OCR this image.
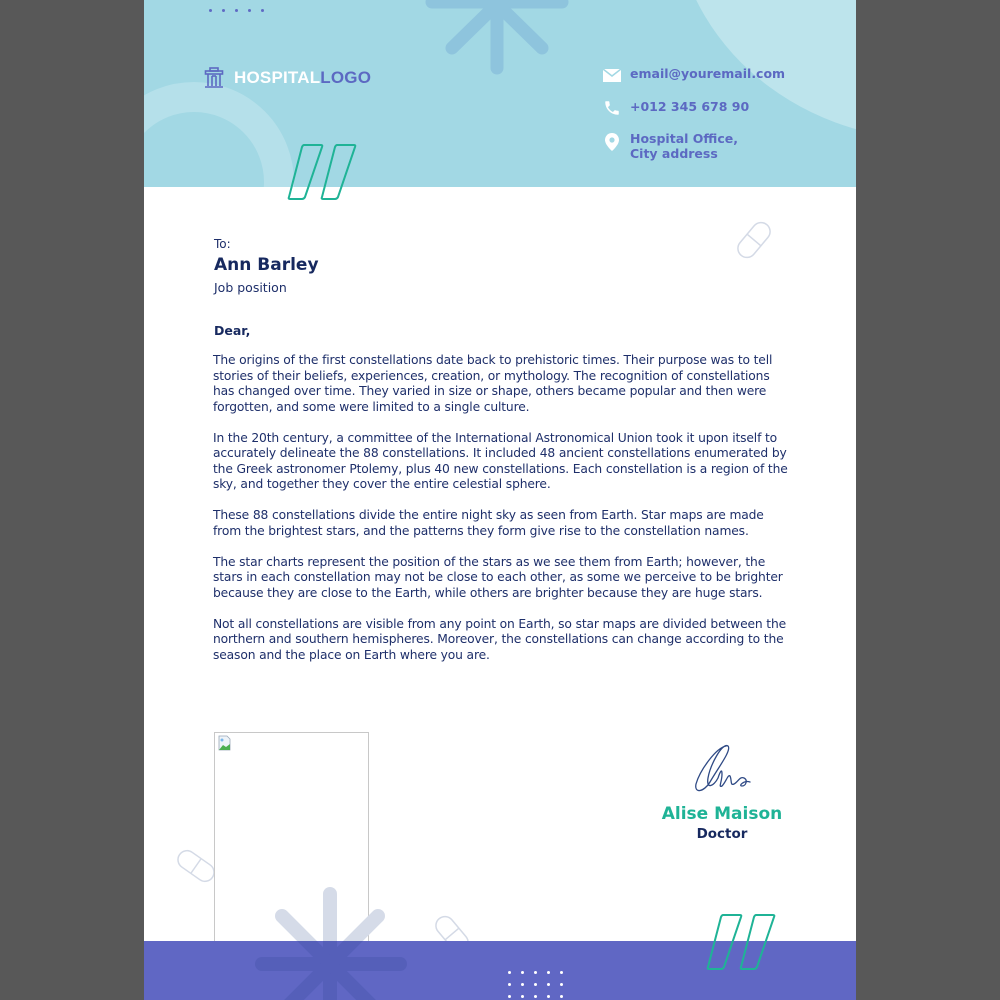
HOSPITALLOGO	email@youremail.com
+012 345 678 90
Hospital Office,
City address
To:
Ann Barley
Job position
Dear,

The origins of the first constellations date back to prehistoric times. Their purpose was to tell stories of their beliefs, experiences, creation, or mythology. The recognition of constellations has changed over time. They varied in size or shape, others became popular and then were forgotten, and some were limited to a single culture.

In the 20th century, a committee of the International Astronomical Union took it upon itself to accurately delineate the 88 constellations. It included 48 ancient constellations enumerated by the Greek astronomer Ptolemy, plus 40 new constellations. Each constellation is a region of the sky, and together they cover the entire celestial sphere.

These 88 constellations divide the entire night sky as seen from Earth. Star maps are made from the brightest stars, and the patterns they form give rise to the constellation names.

The star charts represent the position of the stars as we see them from Earth; however, the stars in each constellation may not be close to each other, as some we perceive to be brighter because they are close to the Earth, while others are brighter because they are huge stars.

Not all constellations are visible from any point on Earth, so star maps are divided between the northern and southern hemispheres. Moreover, the constellations can change according to the season and the place on Earth where you are.

Alise Maison
Doctor
